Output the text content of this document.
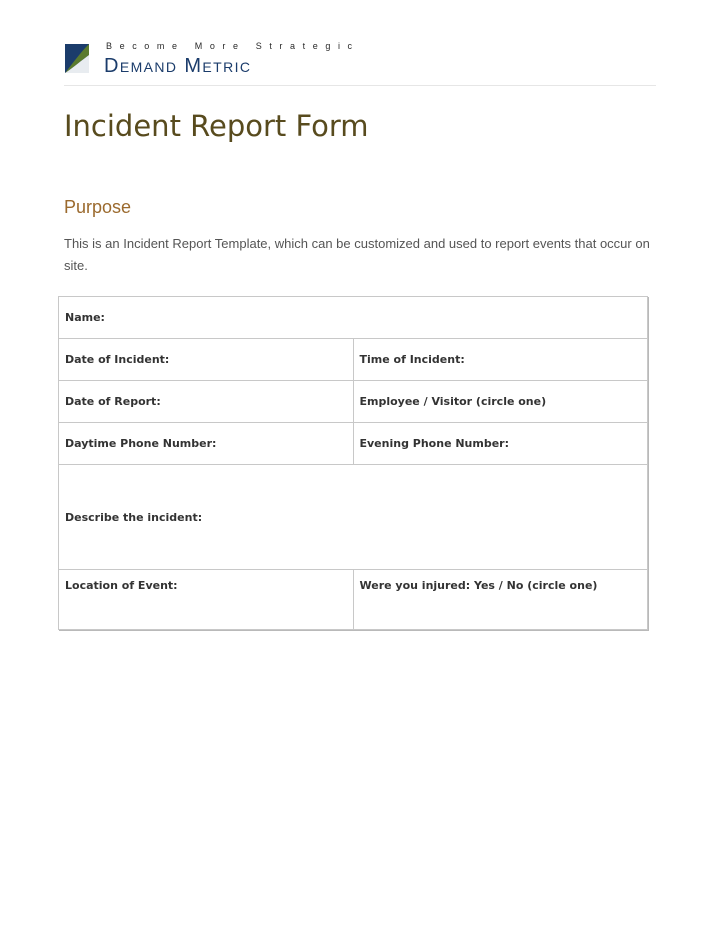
Become More Strategic
Demand Metric
Incident Report Form
Purpose
This is an Incident Report Template, which can be customized and used to report events that occur on site.
Name:	
Date of Incident:	Time of Incident:
Date of Report:	Employee / Visitor (circle one)
Daytime Phone Number:	Evening Phone Number:
Describe the incident:	
Location of Event:	Were you injured: Yes / No (circle one)
